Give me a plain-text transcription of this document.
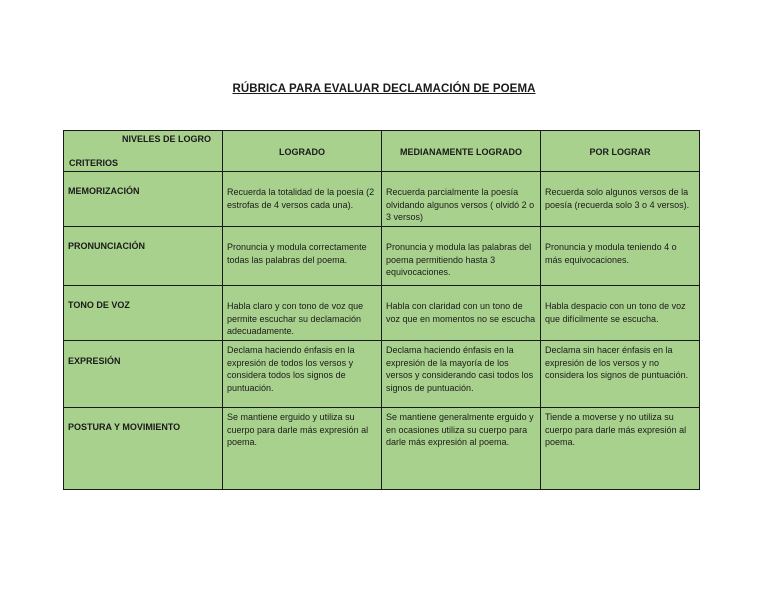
RÚBRICA PARA EVALUAR DECLAMACIÓN DE POEMA
NIVELES DE LOGRO
CRITERIOS	LOGRADO	MEDIANAMENTE LOGRADO	POR LOGRAR
MEMORIZACIÓN	Recuerda la totalidad de la poesía (2 estrofas de 4 versos cada una).	Recuerda parcialmente la poesía olvidando algunos versos ( olvidó 2 o 3 versos)	Recuerda solo algunos versos de la poesía (recuerda solo 3 o 4 versos).
PRONUNCIACIÓN	Pronuncia y modula correctamente todas las palabras del poema.	Pronuncia y modula las palabras del poema permitiendo hasta 3 equivocaciones.	Pronuncia y modula teniendo 4 o más equivocaciones.
TONO DE VOZ	Habla claro y con tono de voz que permite escuchar su declamación adecuadamente.	Habla con claridad con un tono de voz que en momentos no se escucha	Habla despacio con un tono de voz que difícilmente se escucha.
EXPRESIÓN	Declama haciendo énfasis en la expresión de todos los versos y considera todos los signos de puntuación.	Declama haciendo énfasis en la expresión de la mayoría de los versos y considerando casi todos los signos de puntuación.	Declama sin hacer énfasis en la expresión de los versos y no considera los signos de puntuación.
POSTURA Y MOVIMIENTO	Se mantiene erguido y utiliza su cuerpo para darle más expresión al poema.	Se mantiene generalmente erguido y en ocasiones utiliza su cuerpo para darle más expresión al poema.	Tiende a moverse y no utiliza su cuerpo para darle más expresión al poema.
